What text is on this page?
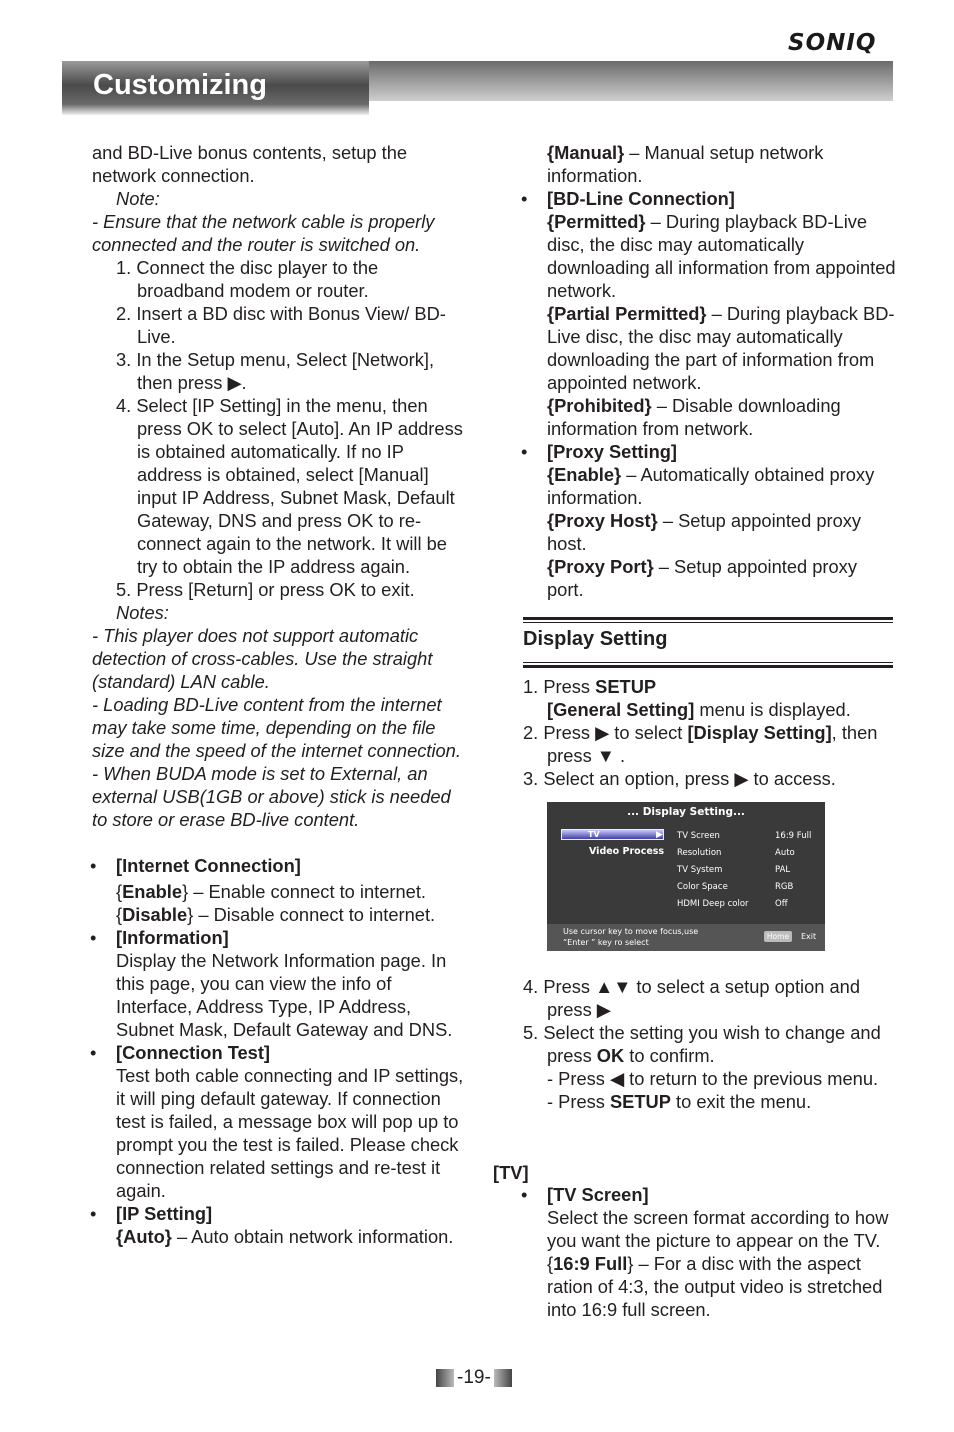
SONIQ
Customizing

and BD-Live bonus contents, setup the network connection.

Note:

- Ensure that the network cable is properly connected and the router is switched on.

1. Connect the disc player to the broadband modem or router.

2. Insert a BD disc with Bonus View/ BD-Live.

3. In the Setup menu, Select [Network], then press ▶.

4. Select [IP Setting] in the menu, then press OK to select [Auto]. An IP address is obtained automatically. If no IP address is obtained, select [Manual] input IP Address, Subnet Mask, Default Gateway, DNS and press OK to re-connect again to the network. It will be try to obtain the IP address again.

5. Press [Return] or press OK to exit.

Notes:

- This player does not support automatic detection of cross-cables. Use the straight (standard) LAN cable.

- Loading BD-Live content from the internet may take some time, depending on the file size and the speed of the internet connection.

- When BUDA mode is set to External, an external USB(1GB or above) stick is needed to store or erase BD-live content.

• [Internet Connection]

{Enable} – Enable connect to internet.

{Disable} – Disable connect to internet.

• [Information]

Display the Network Information page. In this page, you can view the info of Interface, Address Type, IP Address, Subnet Mask, Default Gateway and DNS.

• [Connection Test]

Test both cable connecting and IP settings, it will ping default gateway. If connection test is failed, a message box will pop up to prompt you the test is failed. Please check connection related settings and re-test it again.

• [IP Setting]

{Auto} – Auto obtain network information.

{Manual} – Manual setup network information.

• [BD-Line Connection]

{Permitted} – During playback BD-Live disc, the disc may automatically downloading all information from appointed network.

{Partial Permitted} – During playback BD-Live disc, the disc may automatically downloading the part of information from appointed network.

{Prohibited} – Disable downloading information from network.

• [Proxy Setting]

{Enable} – Automatically obtained proxy information.

{Proxy Host} – Setup appointed proxy host.

{Proxy Port} – Setup appointed proxy port.

Display Setting

1. Press SETUP

[General Setting] menu is displayed.

2. Press ▶ to select [Display Setting], then press ▼ .

3. Select an option, press ▶ to access.

... Display Setting...
TV	▶
Video Process
TV Screen
Resolution
TV System
Color Space
HDMI Deep color
16:9 Full
Auto
PAL
RGB
Off
Use cursor key to move focus,use
“Enter ” key ro select
Home	Exit

4. Press ▲▼ to select a setup option and press ▶

5. Select the setting you wish to change and press OK to confirm.

- Press ◀ to return to the previous menu.

- Press SETUP to exit the menu.

[TV]
• [TV Screen]

Select the screen format according to how you want the picture to appear on the TV.

{16:9 Full} – For a disc with the aspect ration of 4:3, the output video is stretched into 16:9 full screen.

-19-
